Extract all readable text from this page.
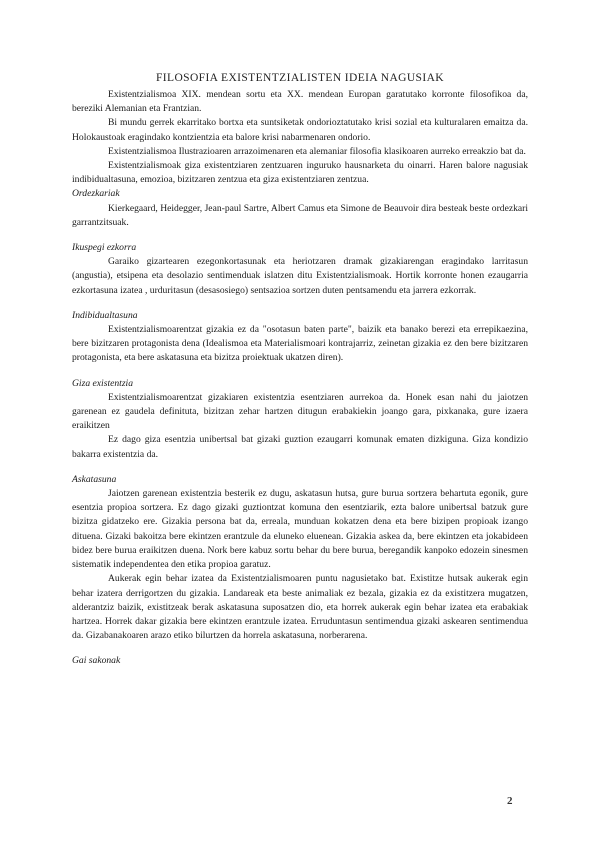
FILOSOFIA EXISTENTZIALISTEN IDEIA NAGUSIAK

Existentzialismoa XIX. mendean sortu eta XX. mendean Europan garatutako korronte filosofikoa da, bereziki Alemanian eta Frantzian.

Bi mundu gerrek ekarritako bortxa eta suntsiketak ondorioztatutako krisi sozial eta kulturalaren emaitza da. Holokaustoak eragindako kontzientzia eta balore krisi nabarmenaren ondorio.

Existentzialismoa Ilustrazioaren arrazoimenaren eta alemaniar filosofia klasikoaren aurreko erreakzio bat da.

Existentzialismoak giza existentziaren zentzuaren inguruko hausnarketa du oinarri. Haren balore nagusiak indibidualtasuna, emozioa, bizitzaren zentzua eta giza existentziaren zentzua.

Ordezkariak

Kierkegaard, Heidegger, Jean-paul Sartre, Albert Camus eta Simone de Beauvoir dira besteak beste ordezkari garrantzitsuak.

Ikuspegi ezkorra

Garaiko gizartearen ezegonkortasunak eta heriotzaren dramak gizakiarengan eragindako larritasun (angustia), etsipena eta desolazio sentimenduak islatzen ditu Existentzialismoak. Hortik korronte honen ezaugarria ezkortasuna izatea , urduritasun (desasosiego) sentsazioa sortzen duten pentsamendu eta jarrera ezkorrak.

Indibidualtasuna

Existentzialismoarentzat gizakia ez da "osotasun baten parte", baizik eta banako berezi eta errepikaezina, bere bizitzaren protagonista dena (Idealismoa eta Materialismoari kontrajarriz, zeinetan gizakia ez den bere bizitzaren protagonista, eta bere askatasuna eta bizitza proiektuak ukatzen diren).

Giza existentzia

Existentzialismoarentzat gizakiaren existentzia esentziaren aurrekoa da. Honek esan nahi du jaiotzen garenean ez gaudela definituta, bizitzan zehar hartzen ditugun erabakiekin joango gara, pixkanaka, gure izaera eraikitzen

Ez dago giza esentzia unibertsal bat gizaki guztion ezaugarri komunak ematen dizkiguna. Giza kondizio bakarra existentzia da.

Askatasuna

Jaiotzen garenean existentzia besterik ez dugu, askatasun hutsa, gure burua sortzera behartuta egonik, gure esentzia propioa sortzera. Ez dago gizaki guztiontzat komuna den esentziarik, ezta balore unibertsal batzuk gure bizitza gidatzeko ere. Gizakia persona bat da, erreala, munduan kokatzen dena eta bere bizipen propioak izango dituena. Gizaki bakoitza bere ekintzen erantzule da eluneko eluenean. Gizakia askea da, bere ekintzen eta jokabideen bidez bere burua eraikitzen duena. Nork bere kabuz sortu behar du bere burua, beregandik kanpoko edozein sinesmen sistematik independentea den etika propioa garatuz.

Aukerak egin behar izatea da Existentzialismoaren puntu nagusietako bat. Existitze hutsak aukerak egin behar izatera derrigortzen du gizakia. Landareak eta beste animaliak ez bezala, gizakia ez da existitzera mugatzen, alderantziz baizik, existitzeak berak askatasuna suposatzen dio, eta horrek aukerak egin behar izatea eta erabakiak hartzea. Horrek dakar gizakia bere ekintzen erantzule izatea. Erruduntasun sentimendua gizaki askearen sentimendua da. Gizabanakoaren arazo etiko bilurtzen da horrela askatasuna, norberarena.

Gai sakonak
2
